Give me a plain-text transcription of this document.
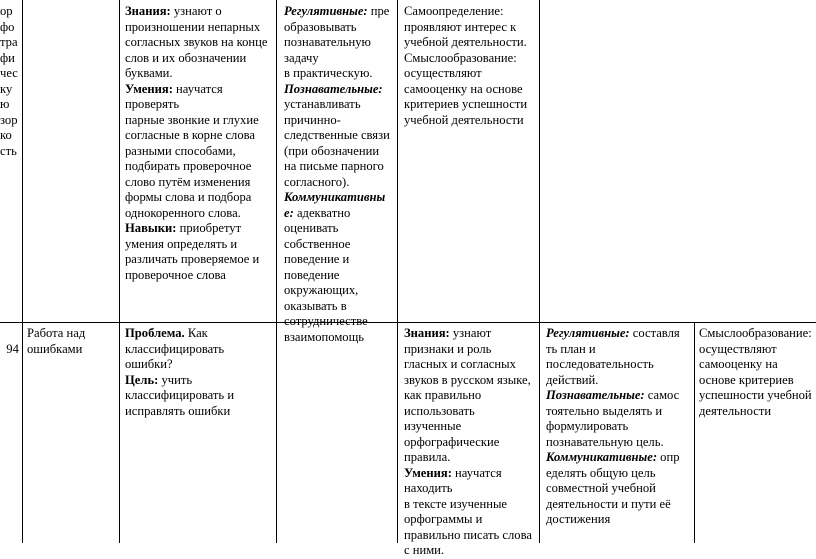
ор
фо
тра
фи
чес
ку
ю
зор
ко
сть
Знания: узнают о
произношении непарных
согласных звуков на конце
слов и их обозначении
буквами.
Умения: научатся
проверять
парные звонкие и глухие
согласные в корне слова
разными способами,
подбирать проверочное
слово путём изменения
формы слова и подбора
однокоренного слова.
Навыки: приобретут
умения определять и
различать проверяемое и
проверочное слова
Регулятивные: пре
образовывать
познавательную
задачу
в практическую.
Познавательные:
устанавливать
причинно-
следственные связи
(при обозначении
на письме парного
согласного).
Коммуникативны
е: адекватно
оценивать
собственное
поведение и
поведение
окружающих,
оказывать в
сотрудничестве
взаимопомощь
Самоопределение:
проявляют интерес к
учебной деятельности.
Смыслообразование:
осуществляют
самооценку на основе
критериев успешности
учебной деятельности

94

Работа над
ошибками
Проблема. Как
классифицировать
ошибки?
Цель: учить
классифицировать и
исправлять ошибки
Знания: узнают
признаки и роль
гласных и согласных
звуков в русском языке,
как правильно
использовать
изученные
орфографические
правила.
Умения: научатся
находить
в тексте изученные
орфограммы и
правильно писать слова
с ними.
Регулятивные: составля
ть план и
последовательность
действий.
Познавательные: самос
тоятельно выделять и
формулировать
познавательную цель.
Коммуникативные: опр
еделять общую цель
совместной учебной
деятельности и пути её
достижения
Смыслообразование:
осуществляют
самооценку на
основе критериев
успешности учебной
деятельности
